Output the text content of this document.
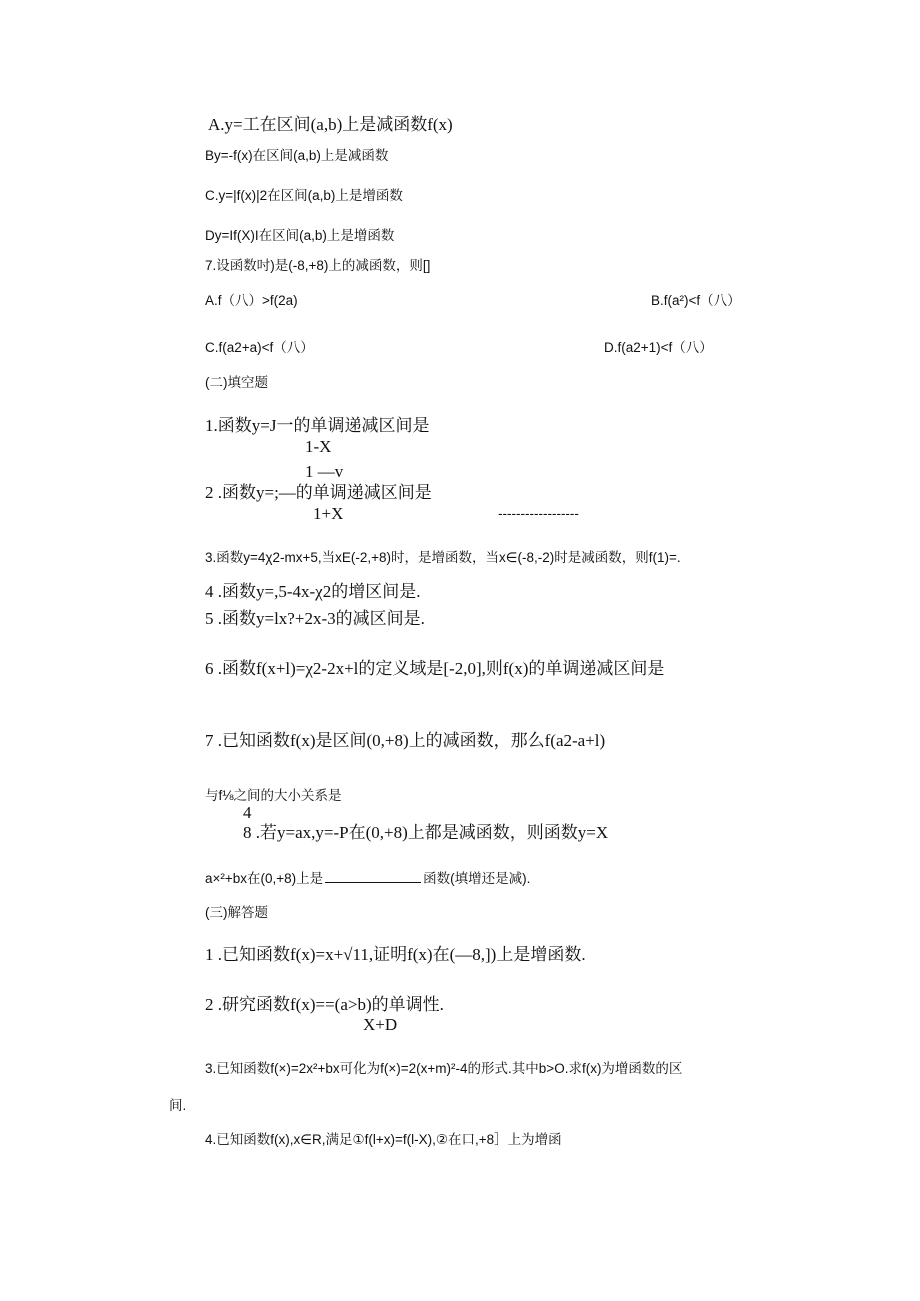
A.y=工在区间(a,b)上是减函数f(x)
By=-f(x)在区间(a,b)上是减函数
C.y=|f(x)|2在区间(a,b)上是增函数
Dy=If(X)I在区间(a,b)上是增函数
7.设函数吋)是(-8,+8)上的减函数，则[]
A.f（八）>f(2a)	B.f(a²)<f（八）
C.f(a2+a)<f（八）	D.f(a2+1)<f（八）
(二)填空题
1.函数y=J一的单调递减区间是
1-X
1 —v
2 .函数y=;—的单调递减区间是
1+X	------------------
3.函数y=4χ2-mx+5,当xE(-2,+8)时，是增函数，当x∈(-8,-2)时是减函数，则f(1)=.
4 .函数y=,5-4x-χ2的增区间是.
5 .函数y=lx?+2x-3的减区间是.
6 .函数f(x+l)=χ2-2x+l的定义域是[-2,0],则f(x)的单调递减区间是
7 .已知函数f(x)是区间(0,+8)上的减函数，那么f(a2-a+l)
与f⅛之间的大小关系是
4
8 .若y=ax,y=-P在(0,+8)上都是减函数，则函数y=X
a×²+bx在(0,+8)上是	函数(填增还是减).
(三)解答题
1 .已知函数f(x)=x+√11,证明f(x)在(—8,])上是增函数.
2 .研究函数f(x)==(a>b)的单调性.
X+D
3.已知函数f(×)=2x²+bx可化为f(×)=2(x+m)²-4的形式.其中b>O.求f(x)为增函数的区
间.
4.已知函数f(x),x∈R,满足①f(l+x)=f(l-X),②在口,+8］上为增函
